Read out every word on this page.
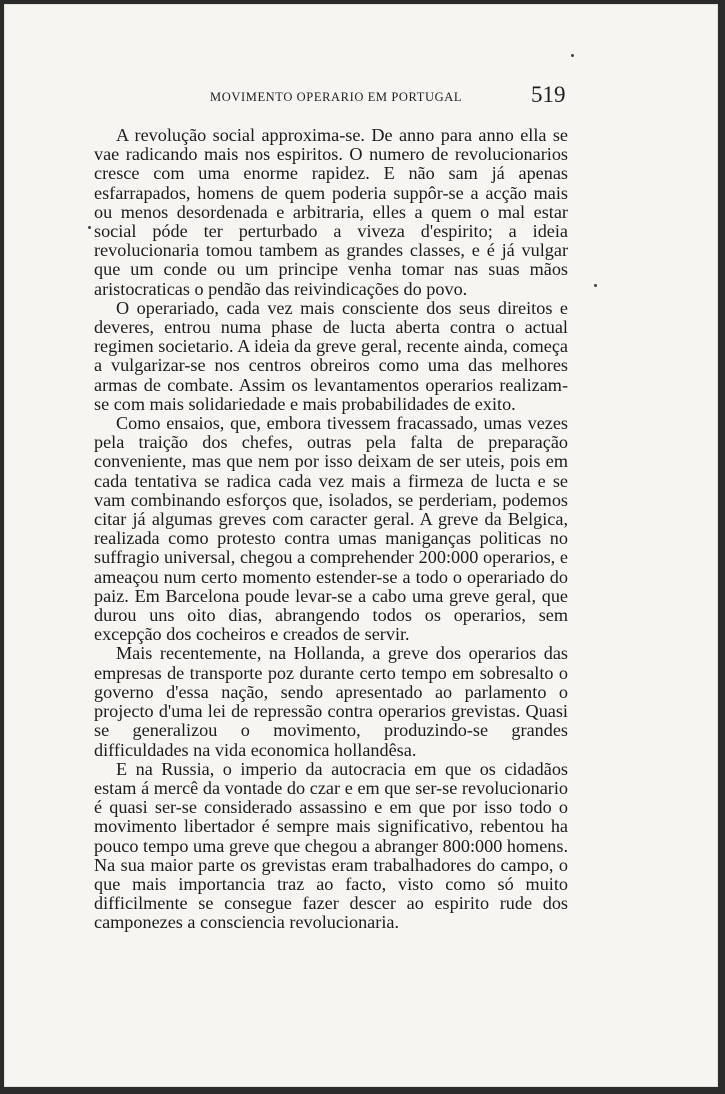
MOVIMENTO OPERARIO EM PORTUGAL	519

A revolução social approxima-se. De anno para anno ella se vae radicando mais nos espiritos. O numero de revolucionarios cresce com uma enorme rapidez. E não sam já apenas esfarrapados, homens de quem poderia suppôr-se a acção mais ou menos desordenada e arbitraria, elles a quem o mal estar social póde ter perturbado a viveza d'espirito; a ideia revolucionaria tomou tambem as grandes classes, e é já vulgar que um conde ou um principe venha tomar nas suas mãos aristocraticas o pendão das reivindicações do povo.

O operariado, cada vez mais consciente dos seus direitos e deveres, entrou numa phase de lucta aberta contra o actual regimen societario. A ideia da greve geral, recente ainda, começa a vulgarizar-se nos centros obreiros como uma das melhores armas de combate. Assim os levantamentos operarios realizam-se com mais solidariedade e mais probabilidades de exito.

Como ensaios, que, embora tivessem fracassado, umas vezes pela traição dos chefes, outras pela falta de preparação conveniente, mas que nem por isso deixam de ser uteis, pois em cada tentativa se radica cada vez mais a firmeza de lucta e se vam combinando esforços que, isolados, se perderiam, podemos citar já algumas greves com caracter geral. A greve da Belgica, realizada como protesto contra umas maniganças politicas no suffragio universal, chegou a comprehender 200:000 operarios, e ameaçou num certo momento estender-se a todo o operariado do paiz. Em Barcelona poude levar-se a cabo uma greve geral, que durou uns oito dias, abrangendo todos os operarios, sem excepção dos cocheiros e creados de servir.

Mais recentemente, na Hollanda, a greve dos operarios das empresas de transporte poz durante certo tempo em sobresalto o governo d'essa nação, sendo apresentado ao parlamento o projecto d'uma lei de repressão contra operarios grevistas. Quasi se generalizou o movimento, produzindo-se grandes difficuldades na vida economica hollandêsa.

E na Russia, o imperio da autocracia em que os cidadãos estam á mercê da vontade do czar e em que ser-se revolucionario é quasi ser-se considerado assassino e em que por isso todo o movimento libertador é sempre mais significativo, rebentou ha pouco tempo uma greve que chegou a abranger 800:000 homens. Na sua maior parte os grevistas eram trabalhadores do campo, o que mais importancia traz ao facto, visto como só muito difficilmente se consegue fazer descer ao espirito rude dos camponezes a consciencia revolucionaria.
